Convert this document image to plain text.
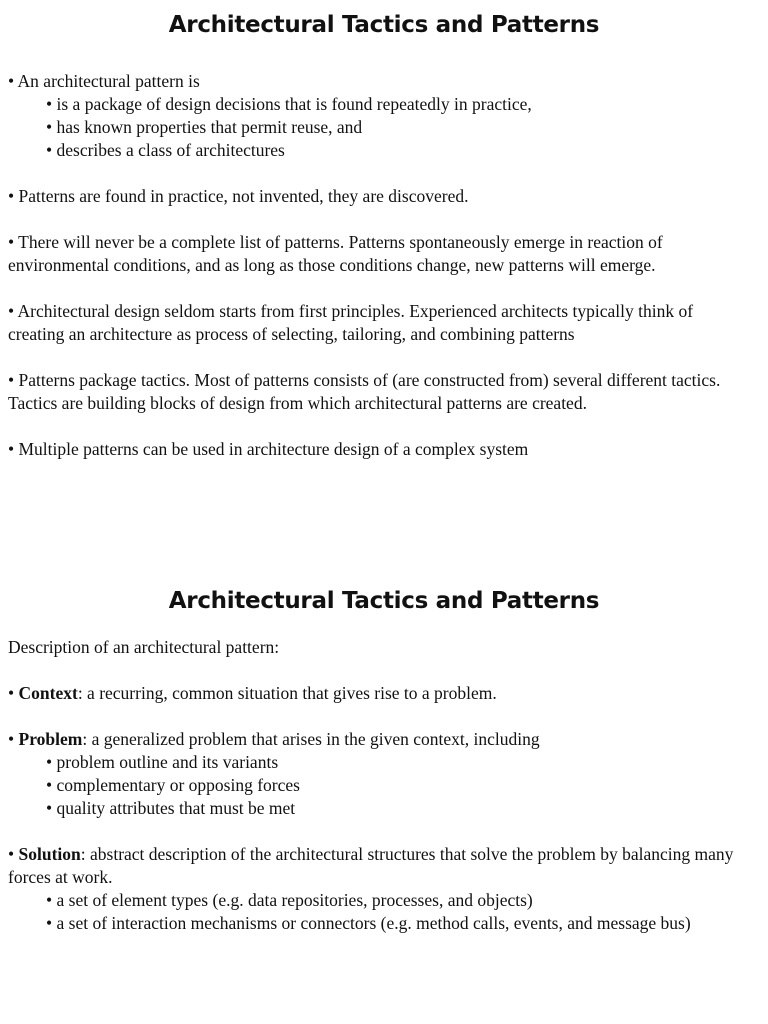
Architectural Tactics and Patterns

• An architectural pattern is

• is a package of design decisions that is found repeatedly in practice,

• has known properties that permit reuse, and

• describes a class of architectures

• Patterns are found in practice, not invented, they are discovered.

• There will never be a complete list of patterns. Patterns spontaneously emerge in reaction of environmental conditions, and as long as those conditions change, new patterns will emerge.

• Architectural design seldom starts from first principles. Experienced architects typically think of creating an architecture as process of selecting, tailoring, and combining patterns

• Patterns package tactics. Most of patterns consists of (are constructed from) several different tactics. Tactics are building blocks of design from which architectural patterns are created.

• Multiple patterns can be used in architecture design of a complex system

Architectural Tactics and Patterns

Description of an architectural pattern:

• Context: a recurring, common situation that gives rise to a problem.

• Problem: a generalized problem that arises in the given context, including

• problem outline and its variants

• complementary or opposing forces

• quality attributes that must be met

• Solution: abstract description of the architectural structures that solve the problem by balancing many forces at work.

• a set of element types (e.g. data repositories, processes, and objects)

• a set of interaction mechanisms or connectors (e.g. method calls, events, and message bus)
